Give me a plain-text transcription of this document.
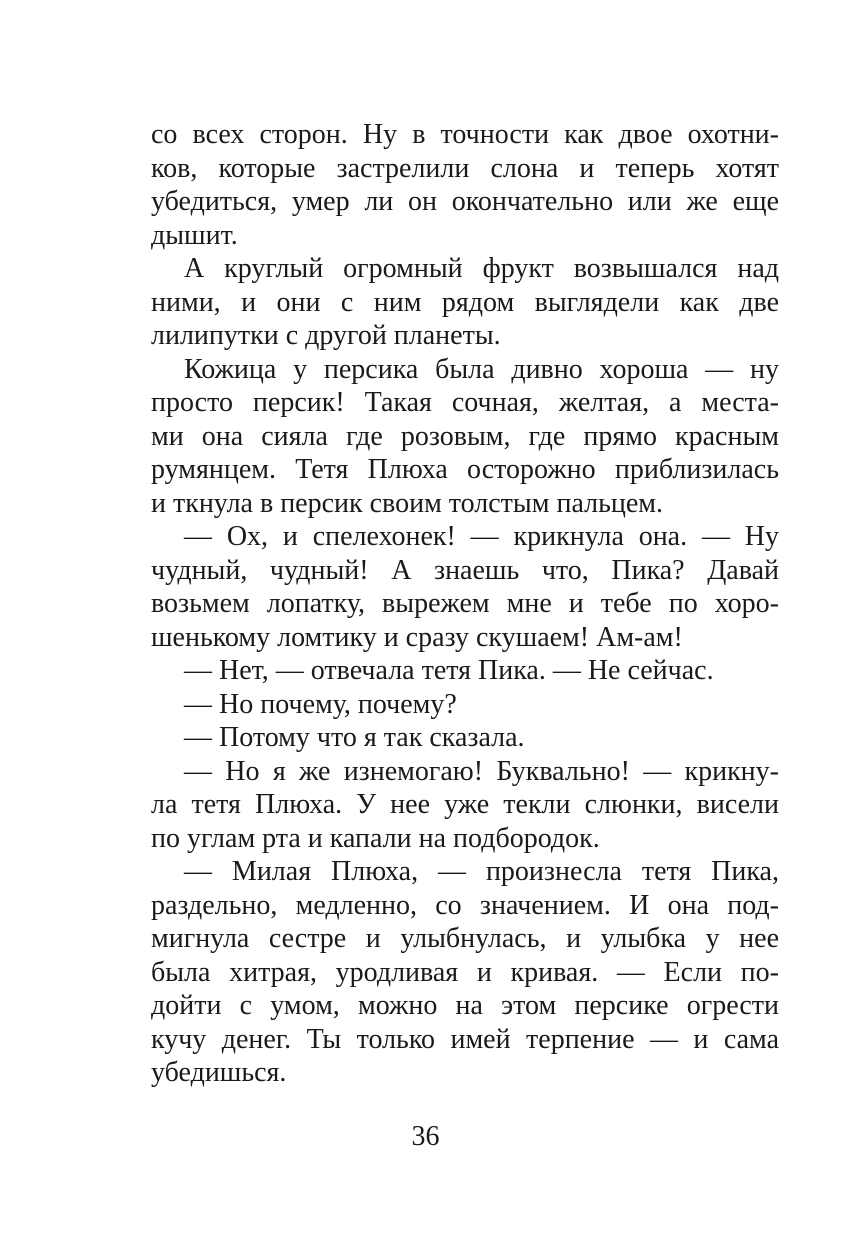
со всех сторон. Ну в точности как двое охотни-
ков, которые застрелили слона и теперь хотят
убедиться, умер ли он окончательно или же еще
дышит.
А круглый огромный фрукт возвышался над
ними, и они с ним рядом выглядели как две
лилипутки с другой планеты.
Кожица у персика была дивно хороша — ну
просто персик! Такая сочная, желтая, а места-
ми она сияла где розовым, где прямо красным
румянцем. Тетя Плюха осторожно приблизилась
и ткнула в персик своим толстым пальцем.
— Ох, и спелехонек! — крикнула она. — Ну
чудный, чудный! А знаешь что, Пика? Давай
возьмем лопатку, вырежем мне и тебе по хоро-
шенькому ломтику и сразу скушаем! Ам-ам!
— Нет, — отвечала тетя Пика. — Не сейчас.
— Но почему, почему?
— Потому что я так сказала.
— Но я же изнемогаю! Буквально! — крикну-
ла тетя Плюха. У нее уже текли слюнки, висели
по углам рта и капали на подбородок.
— Милая Плюха, — произнесла тетя Пика,
раздельно, медленно, со значением. И она под-
мигнула сестре и улыбнулась, и улыбка у нее
была хитрая, уродливая и кривая. — Если по-
дойти с умом, можно на этом персике огрести
кучу денег. Ты только имей терпение — и сама
убедишься.
36
